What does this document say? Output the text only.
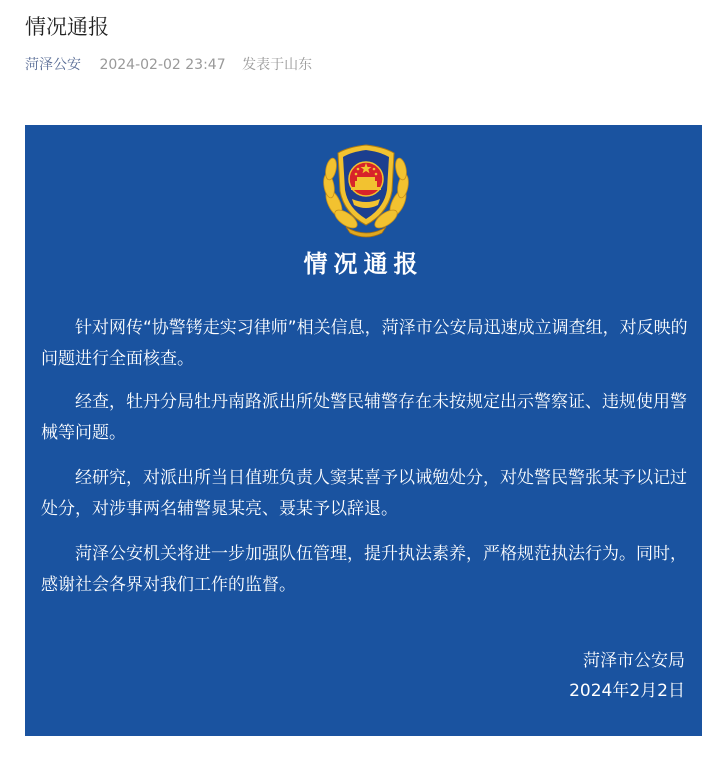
情况通报
菏泽公安 2024-02-02 23:47 发表于山东
情况通报

针对网传“协警铐走实习律师”相关信息，菏泽市公安局迅速成立调查组，对反映的问题进行全面核查。

经查，牡丹分局牡丹南路派出所处警民辅警存在未按规定出示警察证、违规使用警械等问题。

经研究，对派出所当日值班负责人窦某喜予以诫勉处分，对处警民警张某予以记过处分，对涉事两名辅警晁某亮、聂某予以辞退。

菏泽公安机关将进一步加强队伍管理，提升执法素养，严格规范执法行为。同时，感谢社会各界对我们工作的监督。

菏泽市公安局
2024年2月2日
